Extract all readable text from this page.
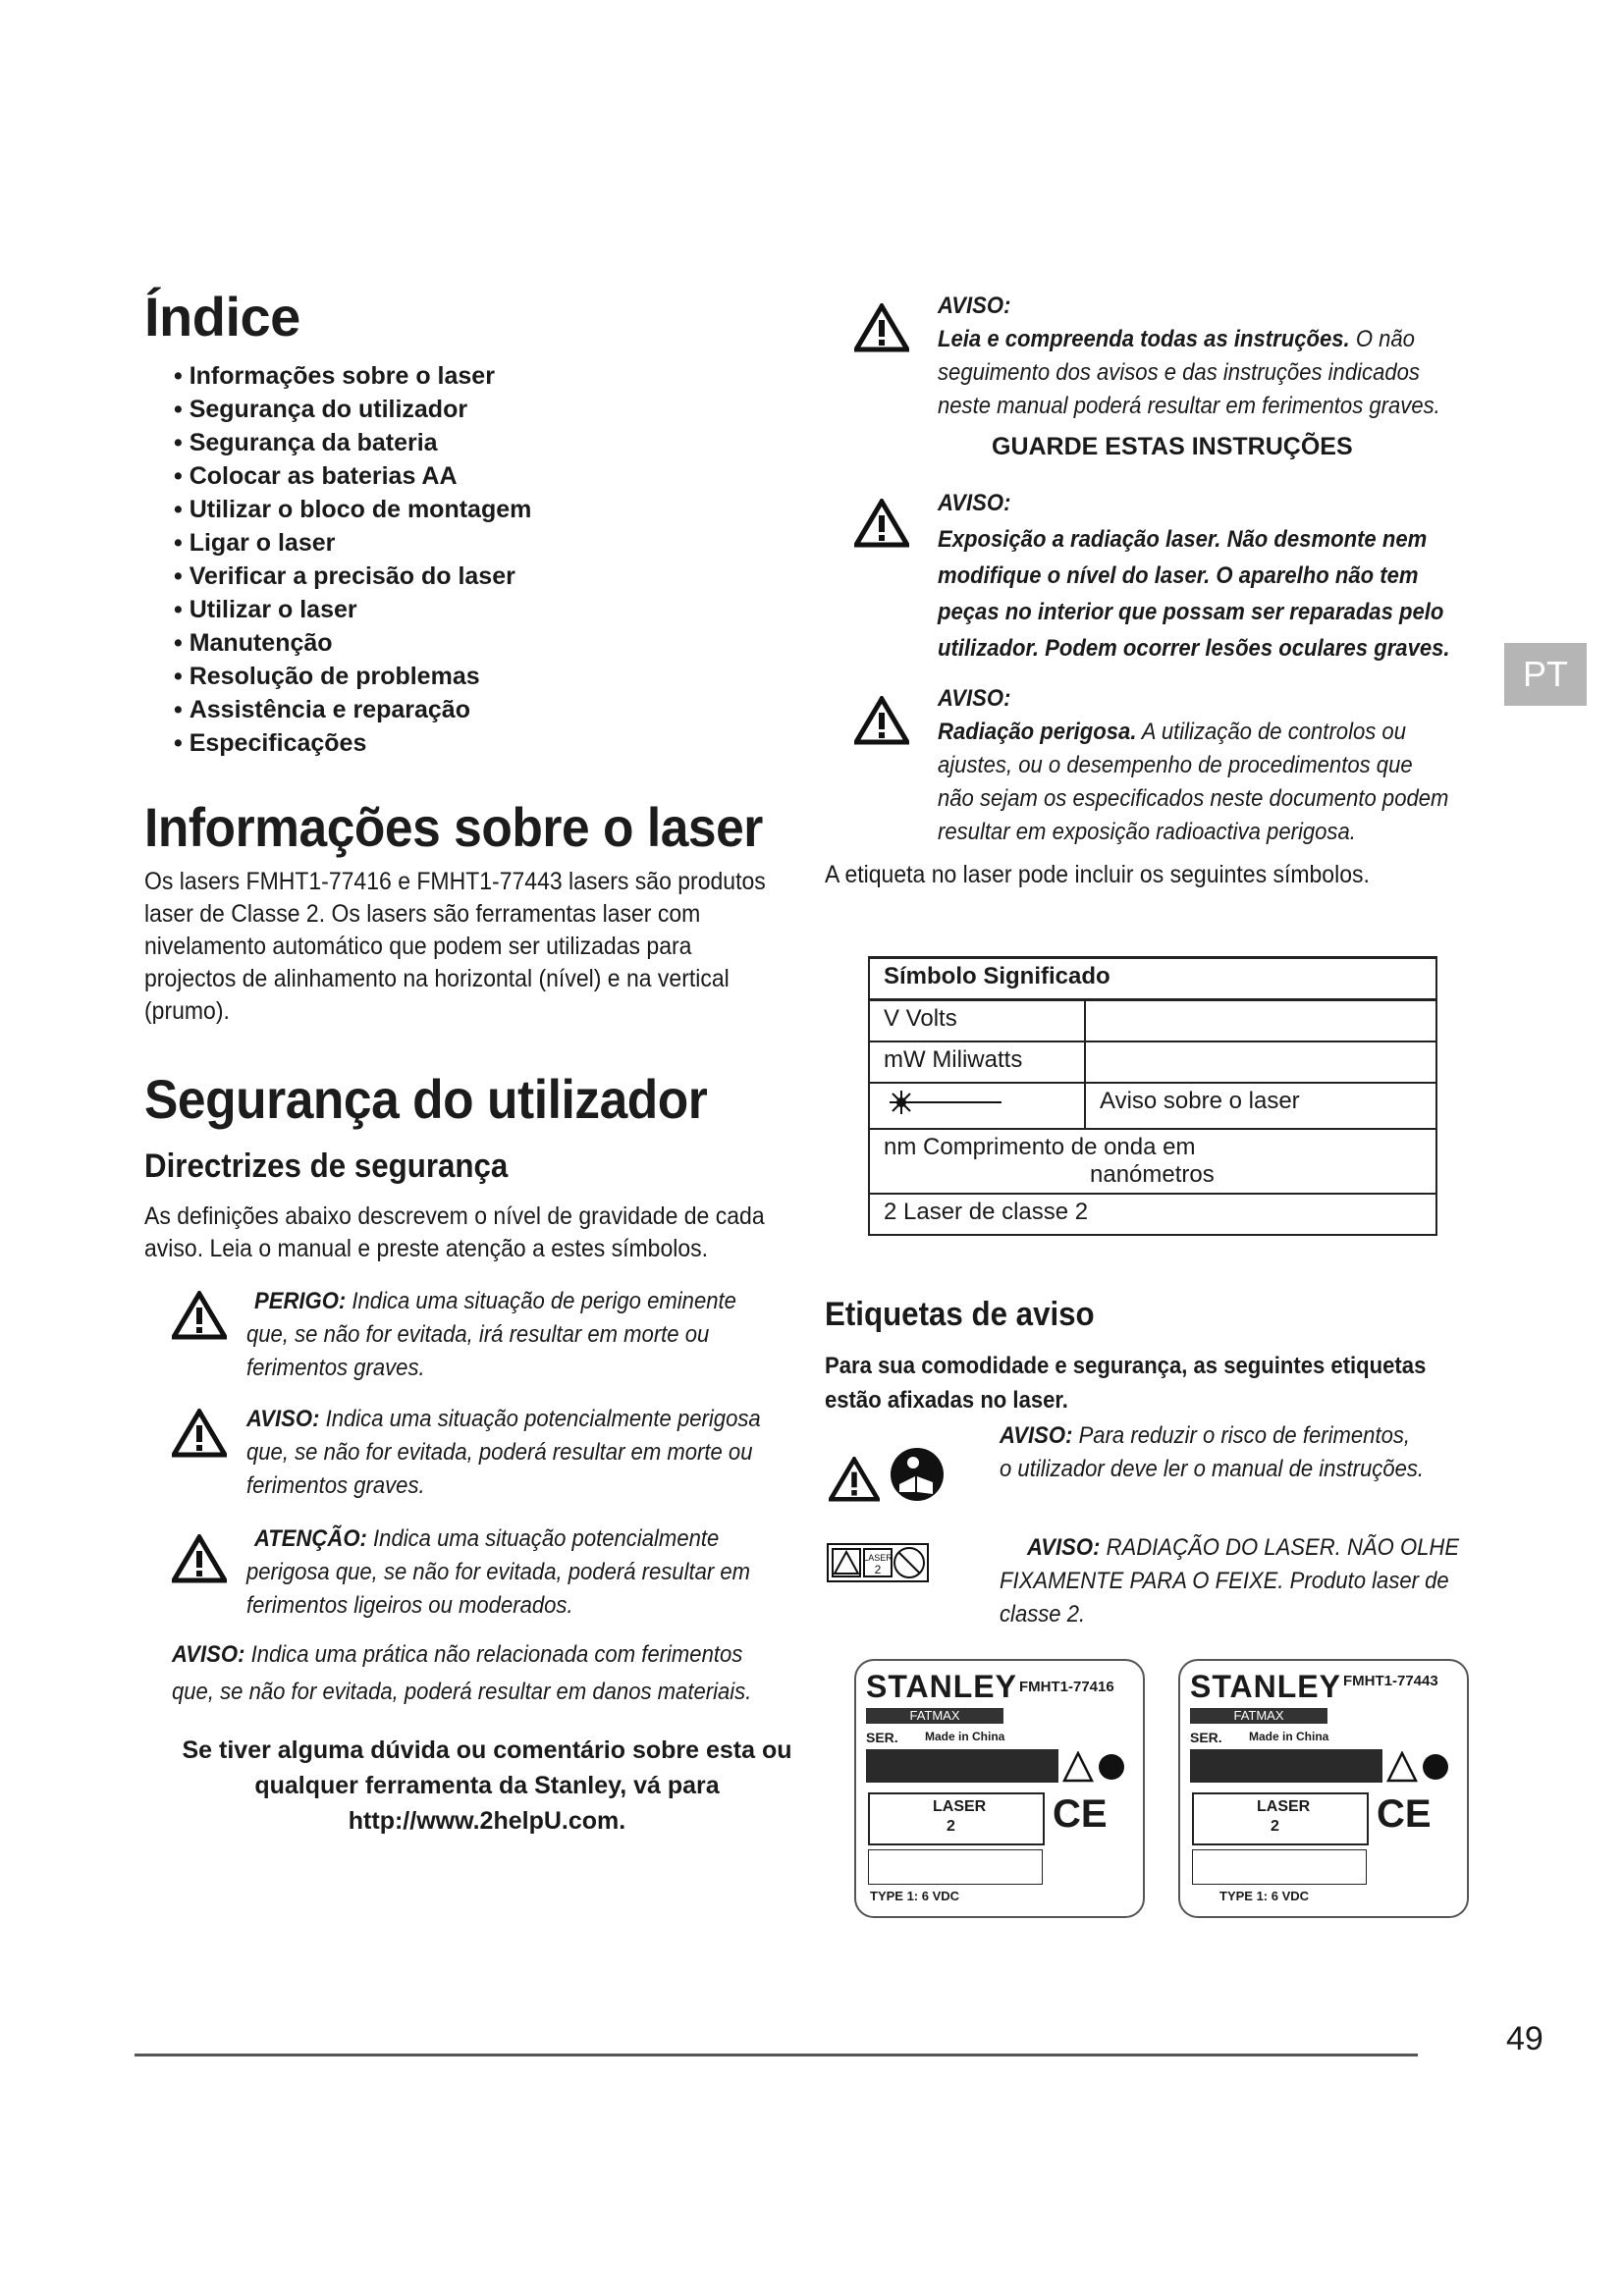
Índice
• Informações sobre o laser
• Segurança do utilizador
• Segurança da bateria
• Colocar as baterias AA
• Utilizar o bloco de montagem
• Ligar o laser
• Verificar a precisão do laser
• Utilizar o laser
• Manutenção
• Resolução de problemas
• Assistência e reparação
• Especificações
Informações sobre o laser

Os lasers FMHT1-77416 e FMHT1-77443 lasers são produtos

laser de Classe 2. Os lasers são ferramentas laser com

nivelamento automático que podem ser utilizadas para

projectos de alinhamento na horizontal (nível) e na vertical

(prumo).

Segurança do utilizador
Directrizes de segurança

As definições abaixo descrevem o nível de gravidade de cada

aviso. Leia o manual e preste atenção a estes símbolos.

PERIGO: Indica uma situação de perigo eminente
que, se não for evitada, irá resultar em morte ou
ferimentos graves.
AVISO: Indica uma situação potencialmente perigosa
que, se não for evitada, poderá resultar em morte ou
ferimentos graves.
ATENÇÃO: Indica uma situação potencialmente
perigosa que, se não for evitada, poderá resultar em
ferimentos ligeiros ou moderados.
AVISO: Indica uma prática não relacionada com ferimentos
que, se não for evitada, poderá resultar em danos materiais.
Se tiver alguma dúvida ou comentário sobre esta ou
qualquer ferramenta da Stanley, vá para
http://www.2helpU.com.
AVISO:
Leia e compreenda todas as instruções. O não
seguimento dos avisos e das instruções indicados
neste manual poderá resultar em ferimentos graves.
GUARDE ESTAS INSTRUÇÕES
AVISO:
Exposição a radiação laser. Não desmonte nem
modifique o nível do laser. O aparelho não tem
peças no interior que possam ser reparadas pelo
utilizador. Podem ocorrer lesões oculares graves.
AVISO:
Radiação perigosa. A utilização de controlos ou
ajustes, ou o desempenho de procedimentos que
não sejam os especificados neste documento podem
resultar em exposição radioactiva perigosa.

A etiqueta no laser pode incluir os seguintes símbolos.

Símbolo Significado	
V Volts	
mW Miliwatts	
	Aviso sobre o laser

nm Comprimento de onda em
nanómetros	

2 Laser de classe 2	
Etiquetas de aviso
Para sua comodidade e segurança, as seguintes etiquetas
estão afixadas no laser.
AVISO: Para reduzir o risco de ferimentos,
o utilizador deve ler o manual de instruções.
LASER
2
AVISO: RADIAÇÃO DO LASER. NÃO OLHE
FIXAMENTE PARA O FEIXE. Produto laser de
classe 2.
STANLEY FMHT1-77416
FATMAX
SER. Made in China
LASER
2 CE
TYPE 1: 6 VDC
STANLEY FMHT1-77443
FATMAX
SER. Made in China
LASER
2 CE
TYPE 1: 6 VDC
PT
49
